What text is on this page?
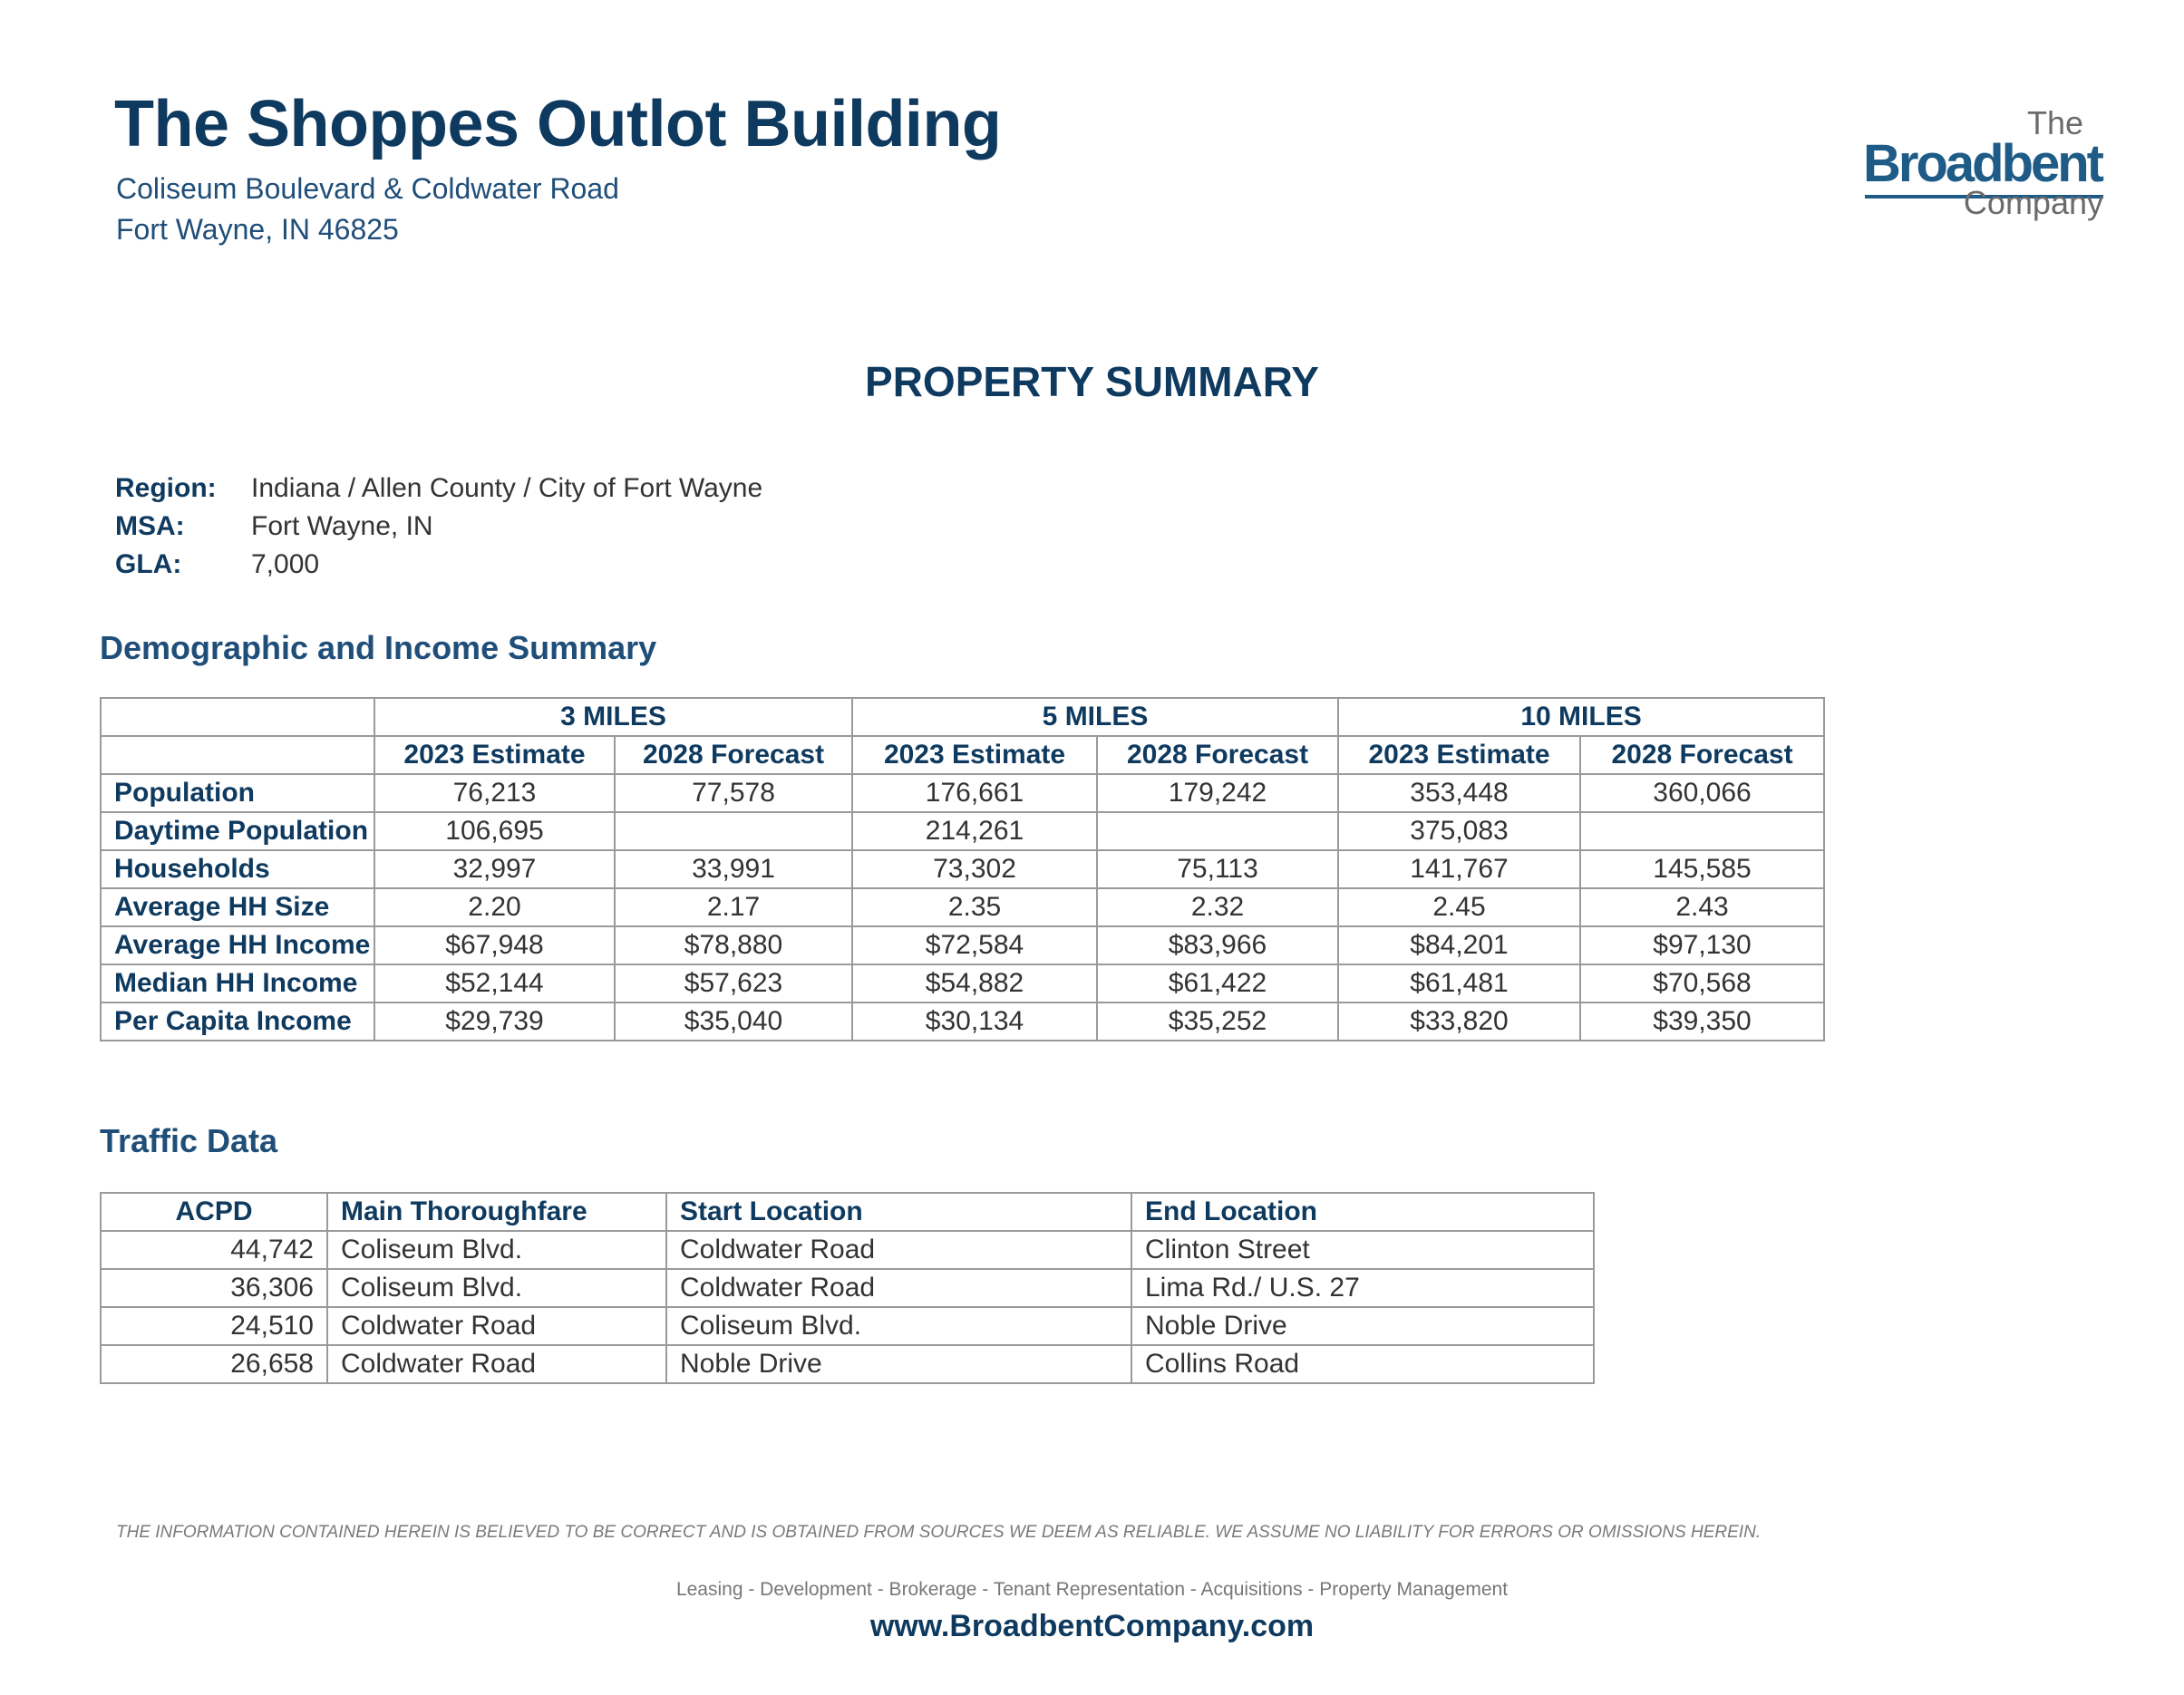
The Shoppes Outlot Building
Coliseum Boulevard & Coldwater Road
Fort Wayne, IN 46825
The
Broadbent
Company
PROPERTY SUMMARY
Region: Indiana / Allen County / City of Fort Wayne
MSA: Fort Wayne, IN
GLA:	7,000
Demographic and Income Summary
	3 MILES		5 MILES		10 MILES	
	2023 Estimate	2028 Forecast	2023 Estimate	2028 Forecast	2023 Estimate	2028 Forecast
Population	76,213	77,578	176,661	179,242	353,448	360,066
Daytime Population	106,695		214,261		375,083	
Households	32,997	33,991	73,302	75,113	141,767	145,585
Average HH Size	2.20	2.17	2.35	2.32	2.45	2.43
Average HH Income	$67,948	$78,880	$72,584	$83,966	$84,201	$97,130
Median HH Income	$52,144	$57,623	$54,882	$61,422	$61,481	$70,568
Per Capita Income	$29,739	$35,040	$30,134	$35,252	$33,820	$39,350
Traffic Data
ACPD	Main Thoroughfare	Start Location	End Location
44,742	Coliseum Blvd.	Coldwater Road	Clinton Street
36,306	Coliseum Blvd.	Coldwater Road	Lima Rd./ U.S. 27
24,510	Coldwater Road	Coliseum Blvd.	Noble Drive
26,658	Coldwater Road	Noble Drive	Collins Road
THE INFORMATION CONTAINED HEREIN IS BELIEVED TO BE CORRECT AND IS OBTAINED FROM SOURCES WE DEEM AS RELIABLE. WE ASSUME NO LIABILITY FOR ERRORS OR OMISSIONS HEREIN.
Leasing - Development - Brokerage - Tenant Representation - Acquisitions - Property Management
www.BroadbentCompany.com
